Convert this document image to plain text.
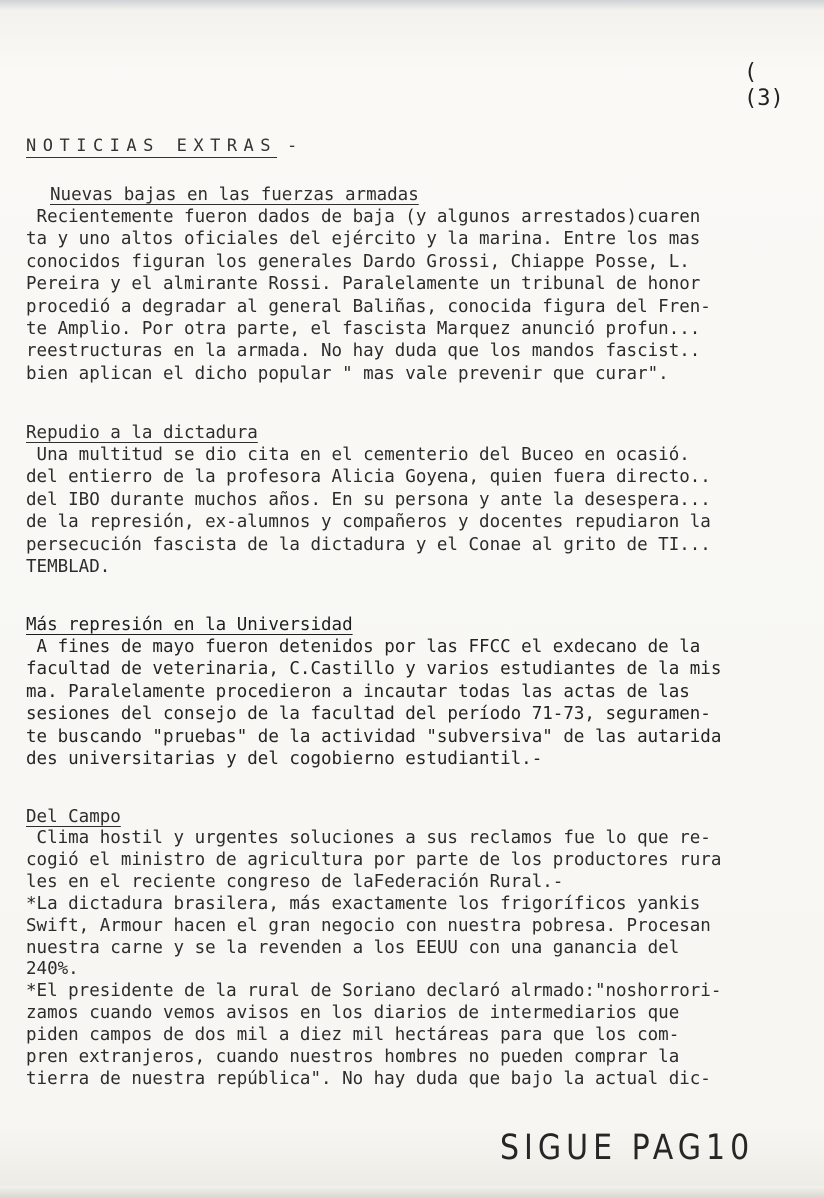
(
(3)
NOTICIAS EXTRAS -
Nuevas bajas en las fuerzas armadas
Recientemente fueron dados de baja (y algunos arrestados)cuaren
ta y uno altos oficiales del ejército y la marina. Entre los mas
conocidos figuran los generales Dardo Grossi, Chiappe Posse, L.
Pereira y el almirante Rossi. Paralelamente un tribunal de honor
procedió a degradar al general Baliñas, conocida figura del Fren-
te Amplio. Por otra parte, el fascista Marquez anunció profun...
reestructuras en la armada. No hay duda que los mandos fascist..
bien aplican el dicho popular " mas vale prevenir que curar".
Repudio a la dictadura
Una multitud se dio cita en el cementerio del Buceo en ocasió.
del entierro de la profesora Alicia Goyena, quien fuera directo..
del IBO durante muchos años. En su persona y ante la desespera...
de la represión, ex-alumnos y compañeros y docentes repudiaron la
persecución fascista de la dictadura y el Conae al grito de TI...
TEMBLAD.
Más represión en la Universidad
A fines de mayo fueron detenidos por las FFCC el exdecano de la
facultad de veterinaria, C.Castillo y varios estudiantes de la mis
ma. Paralelamente procedieron a incautar todas las actas de las
sesiones del consejo de la facultad del período 71-73, seguramen-
te buscando "pruebas" de la actividad "subversiva" de las autarida
des universitarias y del cogobierno estudiantil.-
Del Campo
Clima hostil y urgentes soluciones a sus reclamos fue lo que re-
cogió el ministro de agricultura por parte de los productores rura
les en el reciente congreso de laFederación Rural.-
*La dictadura brasilera, más exactamente los frigoríficos yankis
Swift, Armour hacen el gran negocio con nuestra pobresa. Procesan
nuestra carne y se la revenden a los EEUU con una ganancia del
240%.
*El presidente de la rural de Soriano declaró alrmado:"noshorrori-
zamos cuando vemos avisos en los diarios de intermediarios que
piden campos de dos mil a diez mil hectáreas para que los com-
pren extranjeros, cuando nuestros hombres no pueden comprar la
tierra de nuestra república". No hay duda que bajo la actual dic-
SIGUE PAG10
